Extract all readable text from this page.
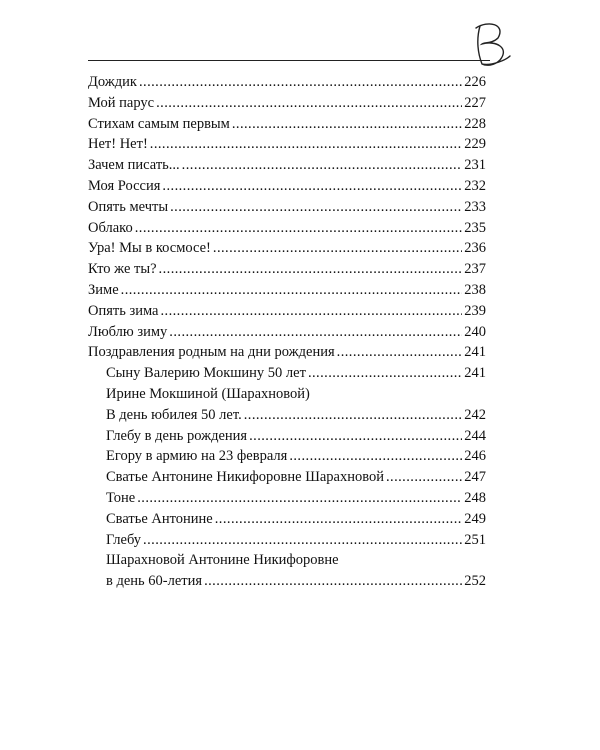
Дождик . . .	226
Мой парус . . .	227
Стихам самым первым . . .	228
Нет! Нет! . . .	229
Зачем писать... . . .	231
Моя Россия . . .	232
Опять мечты . . .	233
Облако . . .	235
Ура! Мы в космосе! . . .	236
Кто же ты? . . .	237
Зиме . . .	238
Опять зима . . .	239
Люблю зиму . . .	240
Поздравления родным на дни рождения . . .	241
Сыну Валерию Мокшину 50 лет . . .	241
Ирине Мокшиной (Шарахновой)
В день юбилея 50 лет. . . .	242
Глебу в день рождения . . .	244
Егору в армию на 23 февраля . . .	246
Сватье Антонине Никифоровне Шарахновой . . .	247
Тоне . . .	248
Сватье Антонине . . .	249
Глебу . . .	251
Шарахновой Антонине Никифоровне
в день 60-летия . . .	252
